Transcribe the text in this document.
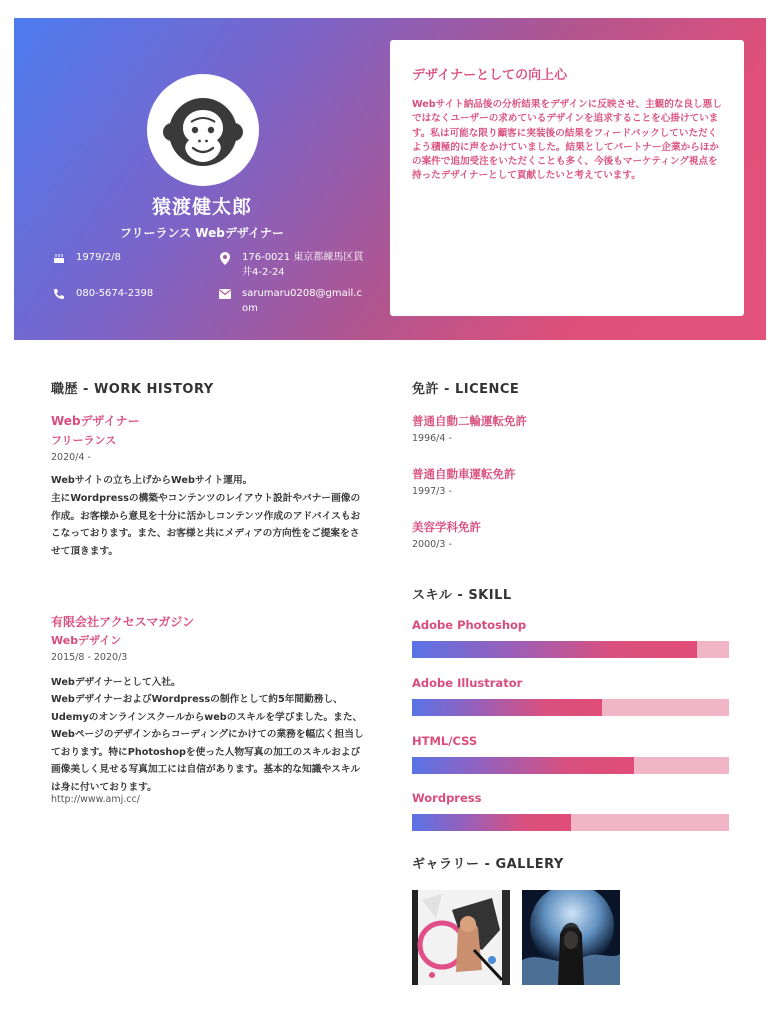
猿渡健太郎
フリーランス Webデザイナー
1979/2/8	176-0021 東京都練馬区貫井4-2-24
080-5674-2398	sarumaru0208@gmail.com
デザイナーとしての向上心

Webサイト納品後の分析結果をデザインに反映させ、主観的な良し悪しではなくユーザーの求めているデザインを追求することを心掛けています。私は可能な限り顧客に実装後の結果をフィードバックしていただくよう積極的に声をかけていました。結果としてパートナー企業からほかの案件で追加受注をいただくことも多く、今後もマーケティング視点を持ったデザイナーとして貢献したいと考えています。

職歴 - WORK HISTORY
Webデザイナー
フリーランス
2020/4 -
Webサイトの立ち上げからWebサイト運用。
主にWordpressの構築やコンテンツのレイアウト設計やバナー画像の作成。お客様から意見を十分に活かしコンテンツ作成のアドバイスもおこなっております。また、お客様と共にメディアの方向性をご提案をさせて頂きます。
有限会社アクセスマガジン
Webデザイン
2015/8 - 2020/3
Webデザイナーとして入社。
WebデザイナーおよびWordpressの制作として約5年間勤務し、Udemyのオンラインスクールからwebのスキルを学びました。また、Webページのデザインからコーディングにかけての業務を幅広く担当しております。特にPhotoshopを使った人物写真の加工のスキルおよび画像美しく見せる写真加工には自信があります。基本的な知識やスキルは身に付いております。
http://www.amj.cc/
免許 - LICENCE
普通自動二輪運転免許
1996/4 -
普通自動車運転免許
1997/3 -
美容学科免許
2000/3 -
スキル - SKILL
Adobe Photoshop
Adobe Illustrator
HTML/CSS
Wordpress
ギャラリー - GALLERY
